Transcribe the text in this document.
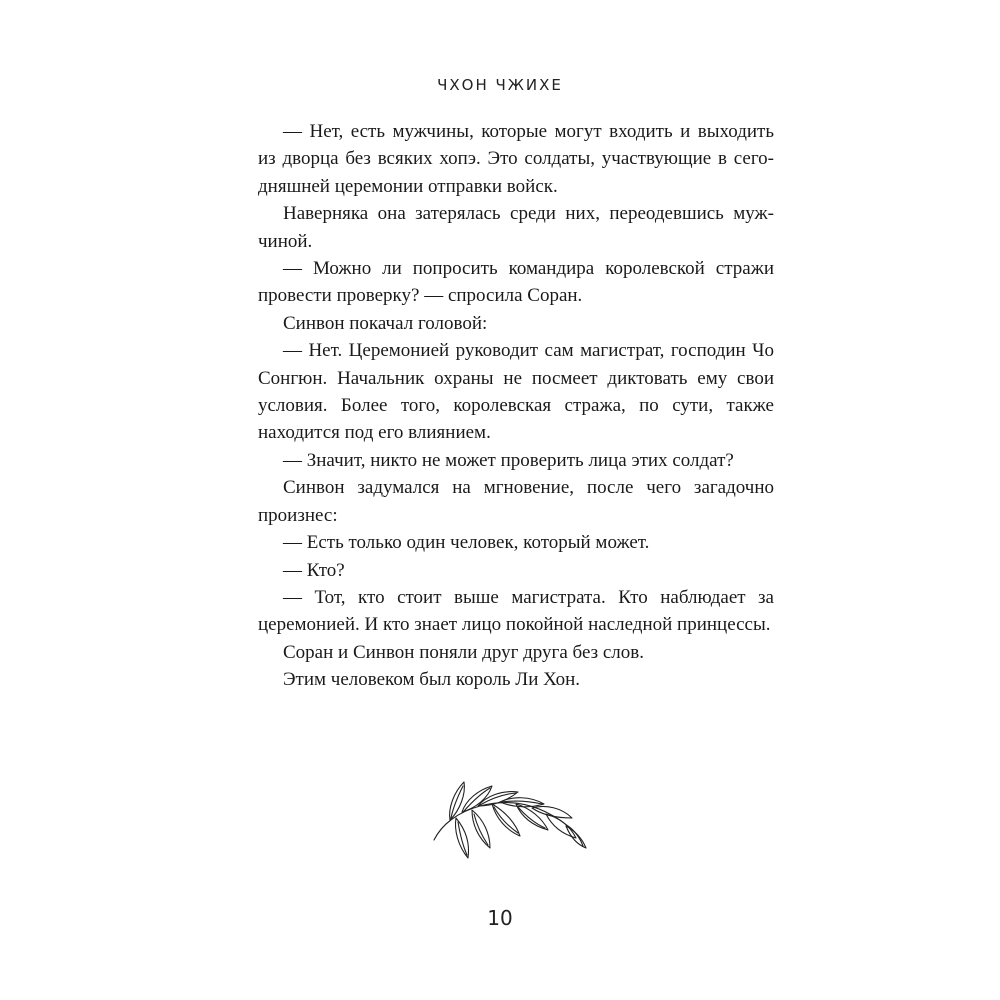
ЧХОН ЧЖИХЕ

— Нет, есть мужчины, которые могут входить и выходить из дворца без всяких хопэ. Это солдаты, участвующие в сегодняшней церемонии отправки войск.

Наверняка она затерялась среди них, переодевшись мужчиной.

— Можно ли попросить командира королевской стражи провести проверку? — спросила Соран.

Синвон покачал головой:

— Нет. Церемонией руководит сам магистрат, господин Чо Сонгюн. Начальник охраны не посмеет диктовать ему свои условия. Более того, королевская стража, по сути, также находится под его влиянием.

— Значит, никто не может проверить лица этих солдат?

Синвон задумался на мгновение, после чего загадочно произнес:

— Есть только один человек, который может.

— Кто?

— Тот, кто стоит выше магистрата. Кто наблюдает за церемонией. И кто знает лицо покойной наследной принцессы.

Соран и Синвон поняли друг друга без слов.

Этим человеком был король Ли Хон.

10
